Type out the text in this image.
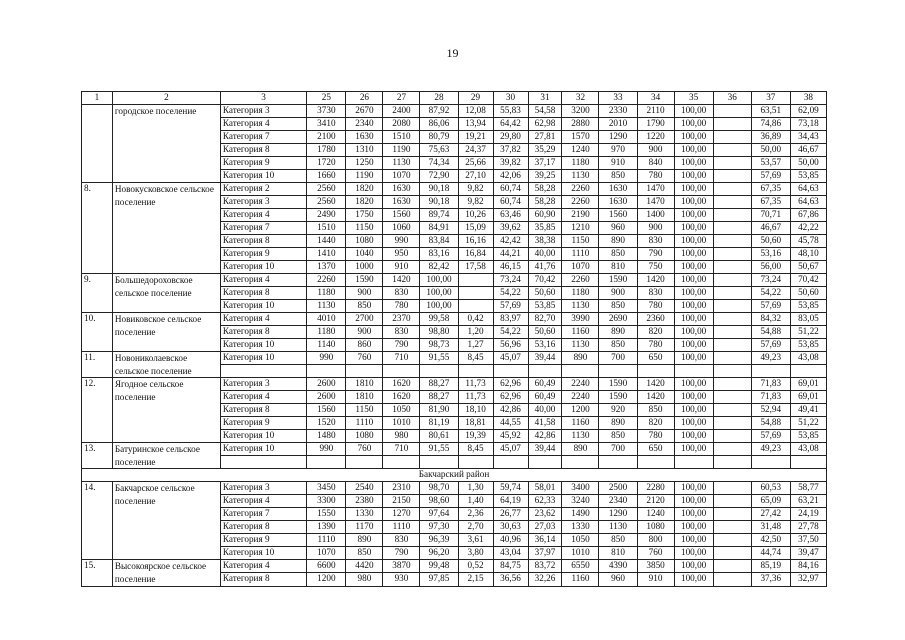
19
1	2	3	25	26	27	28	29	30	31	32	33	34	35	36	37	38

	городское поселение	Категория 3	3730	2670	2400	87,92	12,08	55,83	54,58	3200	2330	2110	100,00		63,51	62,09
		Категория 4	3410	2340	2080	86,06	13,94	64,42	62,98	2880	2010	1790	100,00		74,86	73,18
		Категория 7	2100	1630	1510	80,79	19,21	29,80	27,81	1570	1290	1220	100,00		36,89	34,43
		Категория 8	1780	1310	1190	75,63	24,37	37,82	35,29	1240	970	900	100,00		50,00	46,67
		Категория 9	1720	1250	1130	74,34	25,66	39,82	37,17	1180	910	840	100,00		53,57	50,00
		Категория 10	1660	1190	1070	72,90	27,10	42,06	39,25	1130	850	780	100,00		57,69	53,85
8.	Новокусковское сельское поселение	Категория 2	2560	1820	1630	90,18	9,82	60,74	58,28	2260	1630	1470	100,00		67,35	64,63
		Категория 3	2560	1820	1630	90,18	9,82	60,74	58,28	2260	1630	1470	100,00		67,35	64,63
		Категория 4	2490	1750	1560	89,74	10,26	63,46	60,90	2190	1560	1400	100,00		70,71	67,86
		Категория 7	1510	1150	1060	84,91	15,09	39,62	35,85	1210	960	900	100,00		46,67	42,22
		Категория 8	1440	1080	990	83,84	16,16	42,42	38,38	1150	890	830	100,00		50,60	45,78
		Категория 9	1410	1040	950	83,16	16,84	44,21	40,00	1110	850	790	100,00		53,16	48,10
		Категория 10	1370	1000	910	82,42	17,58	46,15	41,76	1070	810	750	100,00		56,00	50,67
9.	Большедороховское сельское поселение	Категория 4	2260	1590	1420	100,00		73,24	70,42	2260	1590	1420	100,00		73,24	70,42
		Категория 8	1180	900	830	100,00		54,22	50,60	1180	900	830	100,00		54,22	50,60
		Категория 10	1130	850	780	100,00		57,69	53,85	1130	850	780	100,00		57,69	53,85
10.	Новиковское сельское поселение	Категория 4	4010	2700	2370	99,58	0,42	83,97	82,70	3990	2690	2360	100,00		84,32	83,05
		Категория 8	1180	900	830	98,80	1,20	54,22	50,60	1160	890	820	100,00		54,88	51,22
		Категория 10	1140	860	790	98,73	1,27	56,96	53,16	1130	850	780	100,00		57,69	53,85
11.	Новониколаевское сельское поселение	Категория 10	990	760	710	91,55	8,45	45,07	39,44	890	700	650	100,00		49,23	43,08

12.	Ягодное сельское поселение	Категория 3	2600	1810	1620	88,27	11,73	62,96	60,49	2240	1590	1420	100,00		71,83	69,01
		Категория 4	2600	1810	1620	88,27	11,73	62,96	60,49	2240	1590	1420	100,00		71,83	69,01
		Категория 8	1560	1150	1050	81,90	18,10	42,86	40,00	1200	920	850	100,00		52,94	49,41
		Категория 9	1520	1110	1010	81,19	18,81	44,55	41,58	1160	890	820	100,00		54,88	51,22
		Категория 10	1480	1080	980	80,61	19,39	45,92	42,86	1130	850	780	100,00		57,69	53,85
13.	Батуринское сельское поселение	Категория 10	990	760	710	91,55	8,45	45,07	39,44	890	700	650	100,00		49,23	43,08

Бакчарский район																
14.	Бакчарское сельское поселение	Категория 3	3450	2540	2310	98,70	1,30	59,74	58,01	3400	2500	2280	100,00		60,53	58,77
		Категория 4	3300	2380	2150	98,60	1,40	64,19	62,33	3240	2340	2120	100,00		65,09	63,21
		Категория 7	1550	1330	1270	97,64	2,36	26,77	23,62	1490	1290	1240	100,00		27,42	24,19
		Категория 8	1390	1170	1110	97,30	2,70	30,63	27,03	1330	1130	1080	100,00		31,48	27,78
		Категория 9	1110	890	830	96,39	3,61	40,96	36,14	1050	850	800	100,00		42,50	37,50
		Категория 10	1070	850	790	96,20	3,80	43,04	37,97	1010	810	760	100,00		44,74	39,47
15.	Высокоярское сельское поселение	Категория 4	6600	4420	3870	99,48	0,52	84,75	83,72	6550	4390	3850	100,00		85,19	84,16
		Категория 8	1200	980	930	97,85	2,15	36,56	32,26	1160	960	910	100,00		37,36	32,97
